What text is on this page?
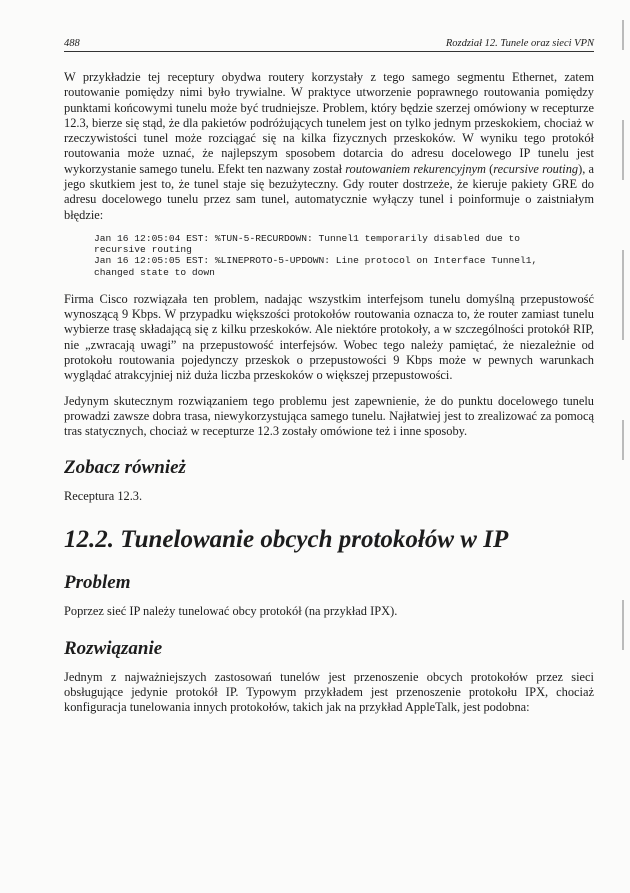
488	Rozdział 12. Tunele oraz sieci VPN

W przykładzie tej receptury obydwa routery korzystały z tego samego segmentu Ethernet, zatem routowanie pomiędzy nimi było trywialne. W praktyce utworzenie poprawnego routowania pomiędzy punktami końcowymi tunelu może być trudniejsze. Problem, który będzie szerzej omówiony w recepturze 12.3, bierze się stąd, że dla pakietów podróżujących tunelem jest on tylko jednym przeskokiem, chociaż w rzeczywistości tunel może rozciągać się na kilka fizycznych przeskoków. W wyniku tego protokół routowania może uznać, że najlepszym sposobem dotarcia do adresu docelowego IP tunelu jest wykorzystanie samego tunelu. Efekt ten nazwany został routowaniem rekurencyjnym (recursive routing), a jego skutkiem jest to, że tunel staje się bezużyteczny. Gdy router dostrzeże, że kieruje pakiety GRE do adresu docelowego tunelu przez sam tunel, automatycznie wyłączy tunel i poinformuje o zaistniałym błędzie:

Jan 16 12:05:04 EST: %TUN-5-RECURDOWN: Tunnel1 temporarily disabled due to
recursive routing
Jan 16 12:05:05 EST: %LINEPROTO-5-UPDOWN: Line protocol on Interface Tunnel1,
changed state to down

Firma Cisco rozwiązała ten problem, nadając wszystkim interfejsom tunelu domyślną przepustowość wynoszącą 9 Kbps. W przypadku większości protokołów routowania oznacza to, że router zamiast tunelu wybierze trasę składającą się z kilku przeskoków. Ale niektóre protokoły, a w szczególności protokół RIP, nie „zwracają uwagi” na przepustowość interfejsów. Wobec tego należy pamiętać, że niezależnie od protokołu routowania pojedynczy przeskok o przepustowości 9 Kbps może w pewnych warunkach wyglądać atrakcyjniej niż duża liczba przeskoków o większej przepustowości.

Jedynym skutecznym rozwiązaniem tego problemu jest zapewnienie, że do punktu docelowego tunelu prowadzi zawsze dobra trasa, niewykorzystująca samego tunelu. Najłatwiej jest to zrealizować za pomocą tras statycznych, chociaż w recepturze 12.3 zostały omówione też i inne sposoby.

Zobacz również
Receptura 12.3.
12.2. Tunelowanie obcych protokołów w IP
Problem

Poprzez sieć IP należy tunelować obcy protokół (na przykład IPX).

Rozwiązanie

Jednym z najważniejszych zastosowań tunelów jest przenoszenie obcych protokołów przez sieci obsługujące jedynie protokół IP. Typowym przykładem jest przenoszenie protokołu IPX, chociaż konfiguracja tunelowania innych protokołów, takich jak na przykład AppleTalk, jest podobna:
